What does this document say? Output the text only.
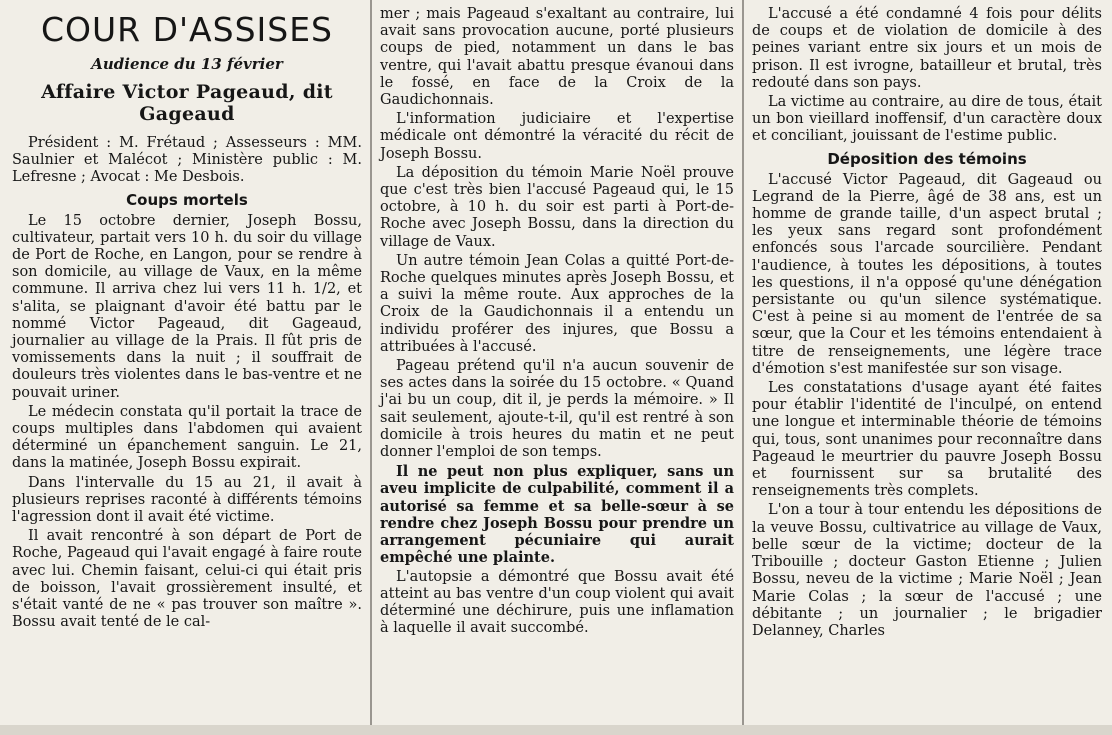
COUR D'ASSISES
Audience du 13 février
Affaire Victor Pageaud, dit Gageaud

Président : M. Frétaud ; Assesseurs : MM. Saulnier et Malécot ; Ministère public : M. Lefresne ; Avocat : Me Desbois.

Coups mortels

Le 15 octobre dernier, Joseph Bossu, cultivateur, partait vers 10 h. du soir du village de Port de Roche, en Langon, pour se rendre à son domicile, au village de Vaux, en la même commune. Il arriva chez lui vers 11 h. 1/2, et s'alita, se plaignant d'avoir été battu par le nommé Victor Pageaud, dit Gageaud, journalier au village de la Prais. Il fût pris de vomissements dans la nuit ; il souffrait de douleurs très violentes dans le bas-ventre et ne pouvait uriner.

Le médecin constata qu'il portait la trace de coups multiples dans l'abdomen qui avaient déterminé un épanchement sanguin. Le 21, dans la matinée, Joseph Bossu expirait.

Dans l'intervalle du 15 au 21, il avait à plusieurs reprises raconté à différents témoins l'agression dont il avait été victime.

Il avait rencontré à son départ de Port de Roche, Pageaud qui l'avait engagé à faire route avec lui. Chemin faisant, celui-ci qui était pris de boisson, l'avait grossièrement insulté, et s'était vanté de ne « pas trouver son maître ». Bossu avait tenté de le cal-

mer ; mais Pageaud s'exaltant au contraire, lui avait sans provocation aucune, porté plusieurs coups de pied, notamment un dans le bas ventre, qui l'avait abattu presque évanoui dans le fossé, en face de la Croix de la Gaudichonnais.

L'information judiciaire et l'expertise médicale ont démontré la véracité du récit de Joseph Bossu.

La déposition du témoin Marie Noël prouve que c'est très bien l'accusé Pageaud qui, le 15 octobre, à 10 h. du soir est parti à Port-de-Roche avec Joseph Bossu, dans la direction du village de Vaux.

Un autre témoin Jean Colas a quitté Port-de-Roche quelques minutes après Joseph Bossu, et a suivi la même route. Aux approches de la Croix de la Gaudichonnais il a entendu un individu proférer des injures, que Bossu a attribuées à l'accusé.

Pageau prétend qu'il n'a aucun souvenir de ses actes dans la soirée du 15 octobre. « Quand j'ai bu un coup, dit il, je perds la mémoire. » Il sait seulement, ajoute-t-il, qu'il est rentré à son domicile à trois heures du matin et ne peut donner l'emploi de son temps.

Il ne peut non plus expliquer, sans un aveu implicite de culpabilité, comment il a autorisé sa femme et sa belle-sœur à se rendre chez Joseph Bossu pour prendre un arrangement pécuniaire qui aurait empêché une plainte.

L'autopsie a démontré que Bossu avait été atteint au bas ventre d'un coup violent qui avait déterminé une déchirure, puis une inflamation à laquelle il avait succombé.

L'accusé a été condamné 4 fois pour délits de coups et de violation de domicile à des peines variant entre six jours et un mois de prison. Il est ivrogne, batailleur et brutal, très redouté dans son pays.

La victime au contraire, au dire de tous, était un bon vieillard inoffensif, d'un caractère doux et conciliant, jouissant de l'estime public.

Déposition des témoins

L'accusé Victor Pageaud, dit Gageaud ou Legrand de la Pierre, âgé de 38 ans, est un homme de grande taille, d'un aspect brutal ; les yeux sans regard sont profondément enfoncés sous l'arcade sourcilière. Pendant l'audience, à toutes les dépositions, à toutes les questions, il n'a opposé qu'une dénégation persistante ou qu'un silence systématique. C'est à peine si au moment de l'entrée de sa sœur, que la Cour et les témoins entendaient à titre de renseignements, une légère trace d'émotion s'est manifestée sur son visage.

Les constatations d'usage ayant été faites pour établir l'identité de l'inculpé, on entend une longue et interminable théorie de témoins qui, tous, sont unanimes pour reconnaître dans Pageaud le meurtrier du pauvre Joseph Bossu et fournissent sur sa brutalité des renseignements très complets.

L'on a tour à tour entendu les dépositions de la veuve Bossu, cultivatrice au village de Vaux, belle sœur de la victime; docteur de la Tribouille ; docteur Gaston Etienne ; Julien Bossu, neveu de la victime ; Marie Noël ; Jean Marie Colas ; la sœur de l'accusé ; une débitante ; un journalier ; le brigadier Delanney, Charles
